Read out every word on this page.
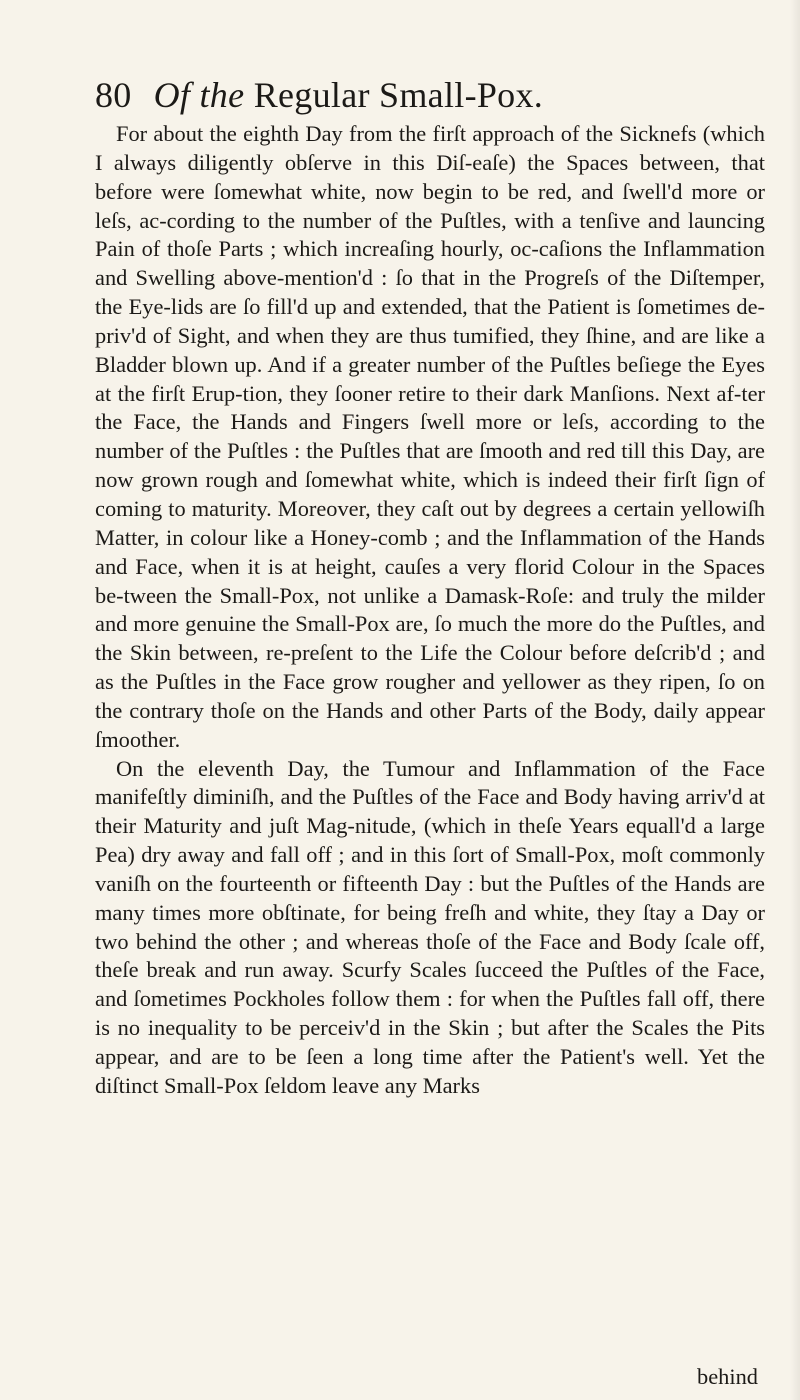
80 Of the Regular Small-Pox.

For about the eighth Day from the firſt approach of the Sicknefs (which I always diligently obſerve in this Diſ-eaſe) the Spaces between, that before were ſomewhat white, now begin to be red, and ſwell'd more or leſs, ac-cording to the number of the Puſtles, with a tenſive and launcing Pain of thoſe Parts ; which increaſing hourly, oc-caſions the Inflammation and Swelling above-mention'd : ſo that in the Progreſs of the Diſtemper, the Eye-lids are ſo fill'd up and extended, that the Patient is ſometimes de-priv'd of Sight, and when they are thus tumified, they ſhine, and are like a Bladder blown up. And if a greater number of the Puſtles beſiege the Eyes at the firſt Erup-tion, they ſooner retire to their dark Manſions. Next af-ter the Face, the Hands and Fingers ſwell more or leſs, according to the number of the Puſtles : the Puſtles that are ſmooth and red till this Day, are now grown rough and ſomewhat white, which is indeed their firſt ſign of coming to maturity. Moreover, they caſt out by degrees a certain yellowiſh Matter, in colour like a Honey-comb ; and the Inflammation of the Hands and Face, when it is at height, cauſes a very florid Colour in the Spaces be-tween the Small-Pox, not unlike a Damask-Roſe: and truly the milder and more genuine the Small-Pox are, ſo much the more do the Puſtles, and the Skin between, re-preſent to the Life the Colour before deſcrib'd ; and as the Puſtles in the Face grow rougher and yellower as they ripen, ſo on the contrary thoſe on the Hands and other Parts of the Body, daily appear ſmoother.

On the eleventh Day, the Tumour and Inflammation of the Face manifeſtly diminiſh, and the Puſtles of the Face and Body having arriv'd at their Maturity and juſt Mag-nitude, (which in theſe Years equall'd a large Pea) dry away and fall off ; and in this ſort of Small-Pox, moſt commonly vaniſh on the fourteenth or fifteenth Day : but the Puſtles of the Hands are many times more obſtinate, for being freſh and white, they ſtay a Day or two behind the other ; and whereas thoſe of the Face and Body ſcale off, theſe break and run away. Scurfy Scales ſucceed the Puſtles of the Face, and ſometimes Pockholes follow them : for when the Puſtles fall off, there is no inequality to be perceiv'd in the Skin ; but after the Scales the Pits appear, and are to be ſeen a long time after the Patient's well. Yet the diſtinct Small-Pox ſeldom leave any Marks

behind
